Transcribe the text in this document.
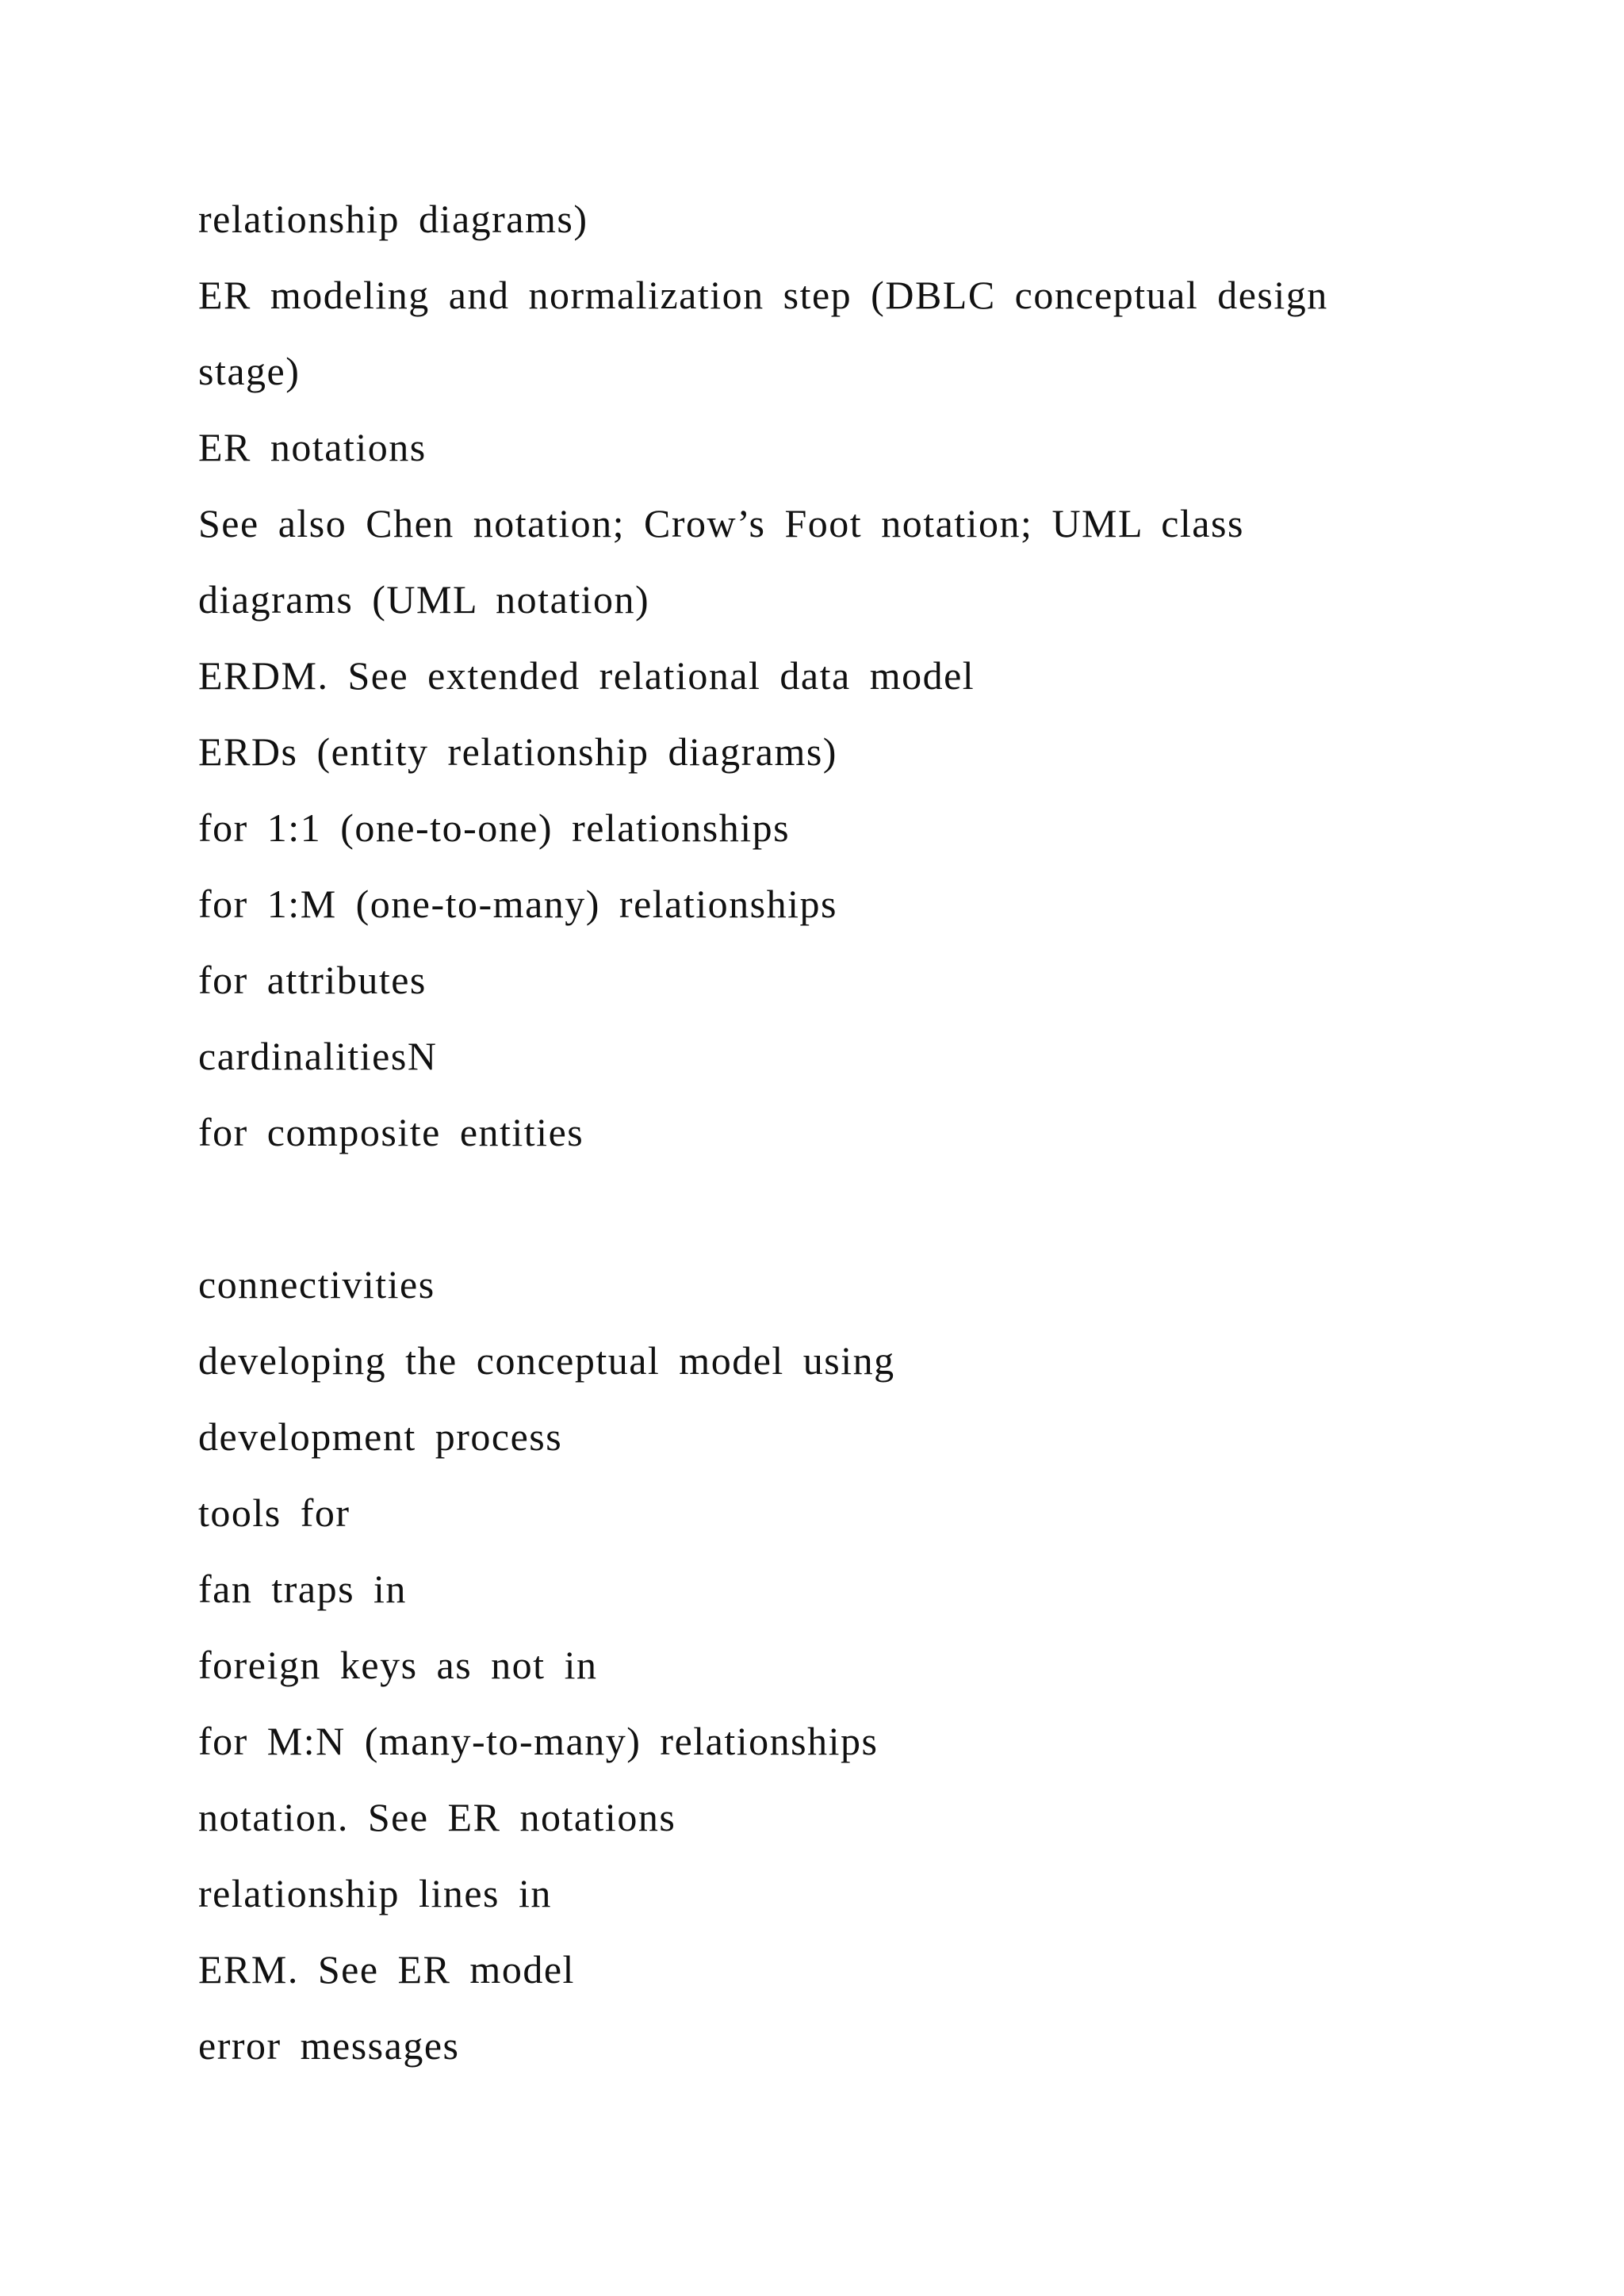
relationship diagrams)
ER modeling and normalization step (DBLC conceptual design
stage)
ER notations
See also Chen notation; Crow’s Foot notation; UML class
diagrams (UML notation)
ERDM. See extended relational data model
ERDs (entity relationship diagrams)
for 1:1 (one-to-one) relationships
for 1:M (one-to-many) relationships
for attributes
cardinalitiesN
for composite entities
connectivities
developing the conceptual model using
development process
tools for
fan traps in
foreign keys as not in
for M:N (many-to-many) relationships
notation. See ER notations
relationship lines in
ERM. See ER model
error messages
